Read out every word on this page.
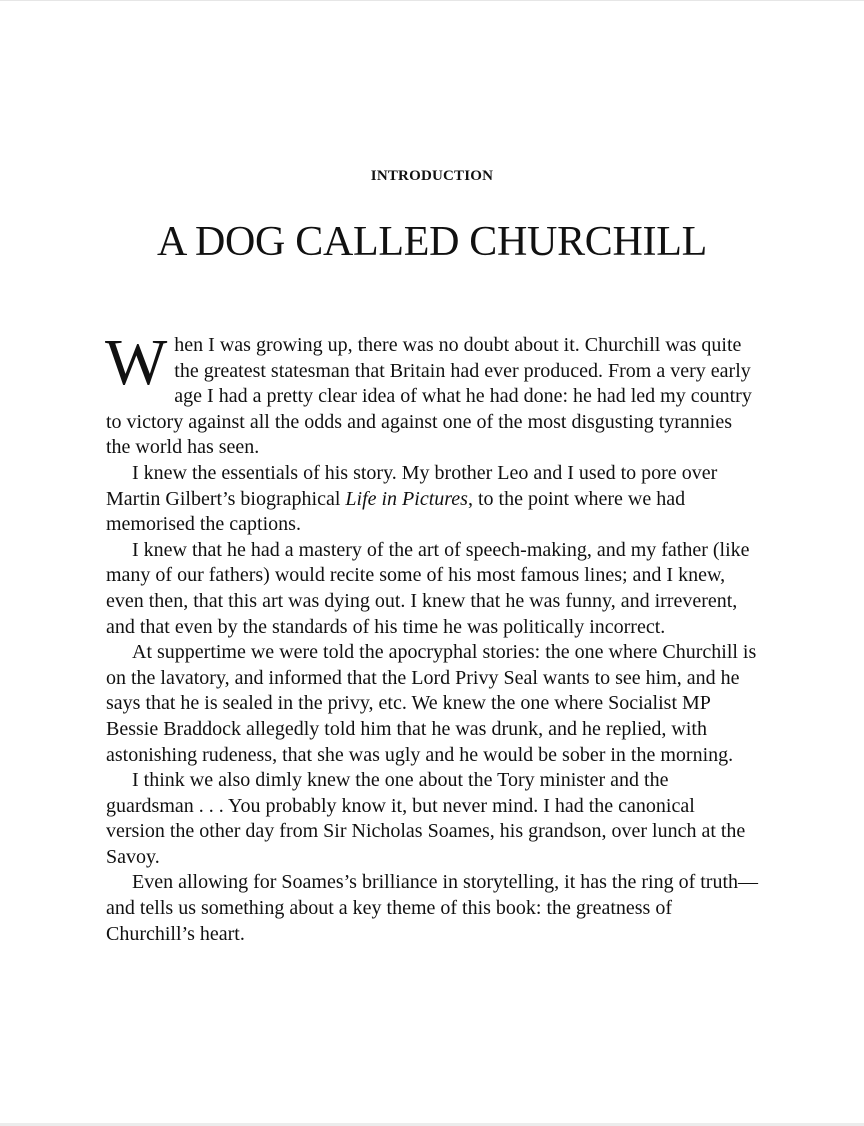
INTRODUCTION
A DOG CALLED CHURCHILL

When I was growing up, there was no doubt about it. Churchill was quite the greatest statesman that Britain had ever produced. From a very early age I had a pretty clear idea of what he had done: he had led my country to victory against all the odds and against one of the most disgusting tyrannies the world has seen.

I knew the essentials of his story. My brother Leo and I used to pore over Martin Gilbert’s biographical Life in Pictures, to the point where we had memorised the captions.

I knew that he had a mastery of the art of speech-making, and my father (like many of our fathers) would recite some of his most famous lines; and I knew, even then, that this art was dying out. I knew that he was funny, and irreverent, and that even by the standards of his time he was politically incorrect.

At suppertime we were told the apocryphal stories: the one where Churchill is on the lavatory, and informed that the Lord Privy Seal wants to see him, and he says that he is sealed in the privy, etc. We knew the one where Socialist MP Bessie Braddock allegedly told him that he was drunk, and he replied, with astonishing rudeness, that she was ugly and he would be sober in the morning.

I think we also dimly knew the one about the Tory minister and the guardsman . . . You probably know it, but never mind. I had the canonical version the other day from Sir Nicholas Soames, his grandson, over lunch at the Savoy.

Even allowing for Soames’s brilliance in storytelling, it has the ring of truth—and tells us something about a key theme of this book: the greatness of Churchill’s heart.
